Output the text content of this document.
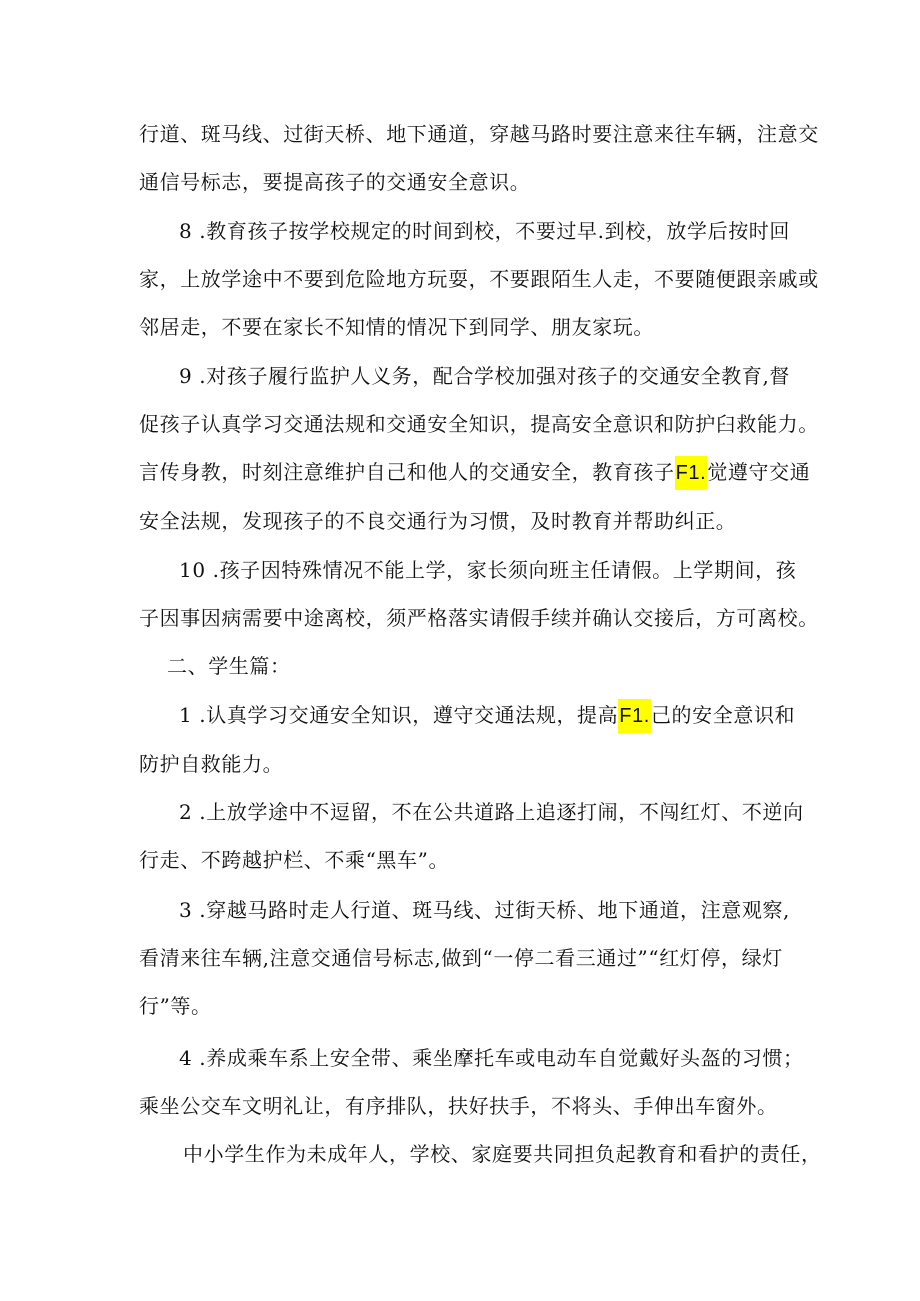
行道、斑马线、过街天桥、地下通道，穿越马路时要注意来往车辆，注意交
通信号标志，要提高孩子的交通安全意识。

8 .教育孩子按学校规定的时间到校，不要过早.到校，放学后按时回
家，上放学途中不要到危险地方玩耍，不要跟陌生人走，不要随便跟亲戚或
邻居走，不要在家长不知情的情况下到同学、朋友家玩。

9 .对孩子履行监护人义务，配合学校加强对孩子的交通安全教育,督
促孩子认真学习交通法规和交通安全知识，提高安全意识和防护臼救能力。
言传身教，时刻注意维护自己和他人的交通安全，教育孩子F1.觉遵守交通
安全法规，发现孩子的不良交通行为习惯，及时教育并帮助纠正。

10 .孩子因特殊情况不能上学，家长须向班主任请假。上学期间，孩
子因事因病需要中途离校，须严格落实请假手续并确认交接后，方可离校。

二、学生篇：

1 .认真学习交通安全知识，遵守交通法规，提高F1.己的安全意识和
防护自救能力。

2 .上放学途中不逗留，不在公共道路上追逐打闹，不闯红灯、不逆向
行走、不跨越护栏、不乘“黑车”。

3 .穿越马路时走人行道、斑马线、过街天桥、地下通道，注意观察,
看清来往车辆,注意交通信号标志,做到“一停二看三通过”“红灯停，绿灯
行”等。

4 .养成乘车系上安全带、乘坐摩托车或电动车自觉戴好头盔的习惯；
乘坐公交车文明礼让，有序排队，扶好扶手，不将头、手伸出车窗外。

中小学生作为未成年人，学校、家庭要共同担负起教育和看护的责任，
